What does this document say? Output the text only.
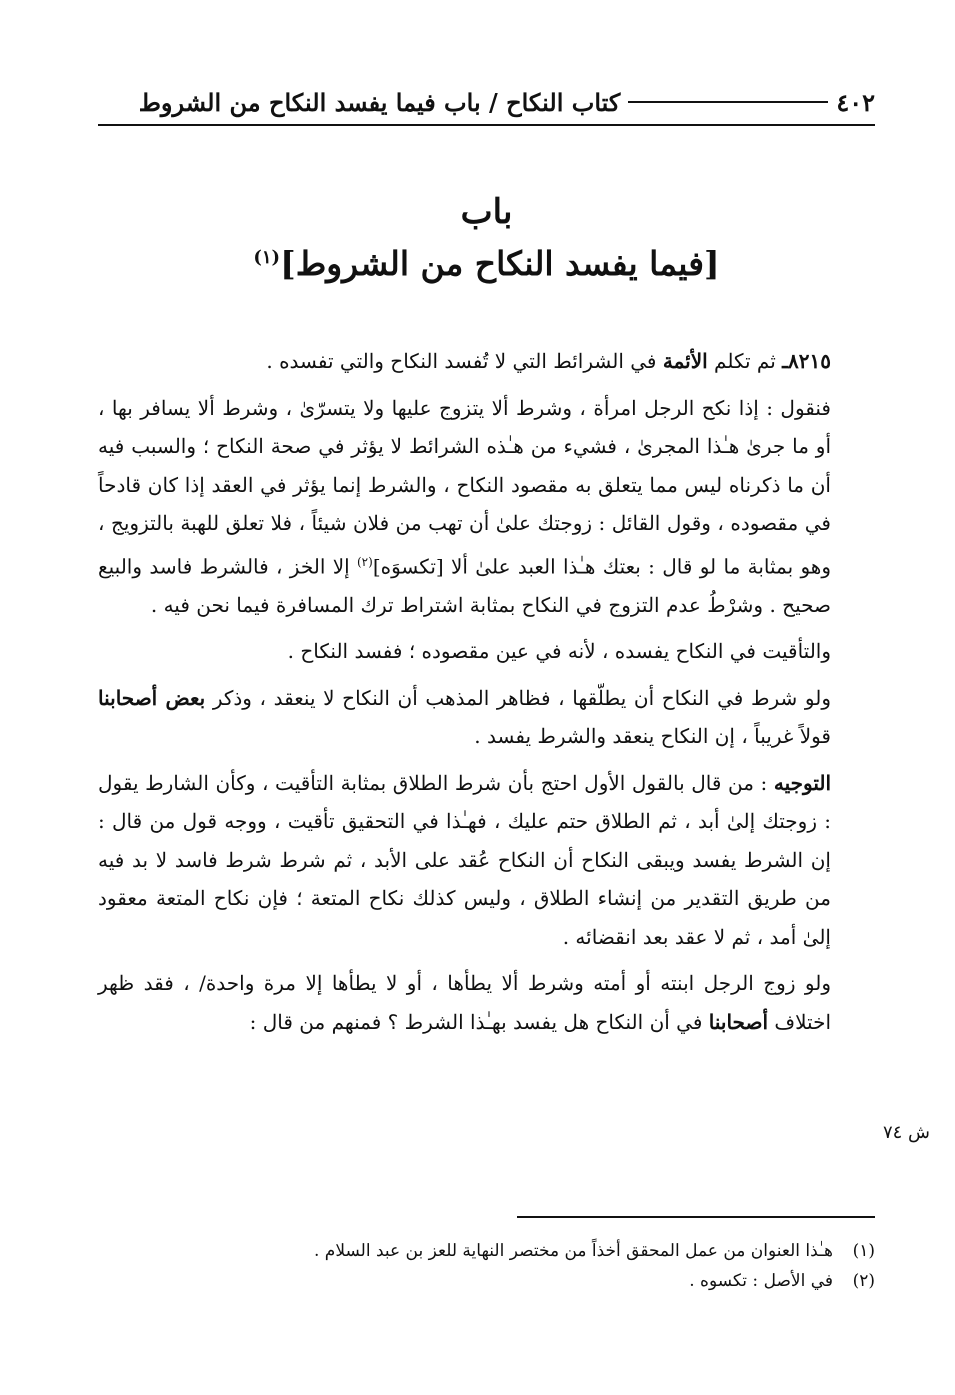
٤٠٢
كتاب النكاح / باب فيما يفسد النكاح من الشروط
باب
[فيما يفسد النكاح من الشروط]$^{(١)}$

٨٢١٥ـ ثم تكلم الأئمة في الشرائط التي لا تُفسد النكاح والتي تفسده .

فنقول : إذا نكح الرجل امرأة ، وشرط ألا يتزوج عليها ولا يتسرّىٰ ، وشرط ألا يسافر بها ، أو ما جرىٰ هـٰذا المجرىٰ ، فشيء من هـٰذه الشرائط لا يؤثر في صحة النكاح ؛ والسبب فيه أن ما ذكرناه ليس مما يتعلق به مقصود النكاح ، والشرط إنما يؤثر في العقد إذا كان قادحاً في مقصوده ، وقول القائل : زوجتك علىٰ أن تهب من فلان شيئاً ، فلا تعلق للهبة بالتزويج ، وهو بمثابة ما لو قال : بعتك هـٰذا العبد علىٰ ألا [تكسوَه]$^{(٢)}$ إلا الخز ، فالشرط فاسد والبيع صحيح . وشرْطُ عدم التزوج في النكاح بمثابة اشتراط ترك المسافرة فيما نحن فيه .

والتأقيت في النكاح يفسده ، لأنه في عين مقصوده ؛ ففسد النكاح .

ولو شرط في النكاح أن يطلّقها ، فظاهر المذهب أن النكاح لا ينعقد ، وذكر بعض أصحابنا قولاً غريباً ، إن النكاح ينعقد والشرط يفسد .

التوجيه : من قال بالقول الأول احتج بأن شرط الطلاق بمثابة التأقيت ، وكأن الشارط يقول : زوجتك إلىٰ أبد ، ثم الطلاق حتم عليك ، فهـٰذا في التحقيق تأقيت ، ووجه قول من قال : إن الشرط يفسد ويبقى النكاح أن النكاح عُقد على الأبد ، ثم شرط شرط فاسد لا بد فيه من طريق التقدير من إنشاء الطلاق ، وليس كذلك نكاح المتعة ؛ فإن نكاح المتعة معقود إلىٰ أمد ، ثم لا عقد بعد انقضائه .

ولو زوج الرجل ابنته أو أمته وشرط ألا يطأها ، أو لا يطأها إلا مرة واحدة/ ، فقد ظهر اختلاف أصحابنا في أن النكاح هل يفسد بهـٰذا الشرط ؟ فمنهم من قال :

ش ٧٤
(١)
هـٰذا العنوان من عمل المحقق أخذاً من مختصر النهاية للعز بن عبد السلام .
(٢)
في الأصل : تكسوه .
